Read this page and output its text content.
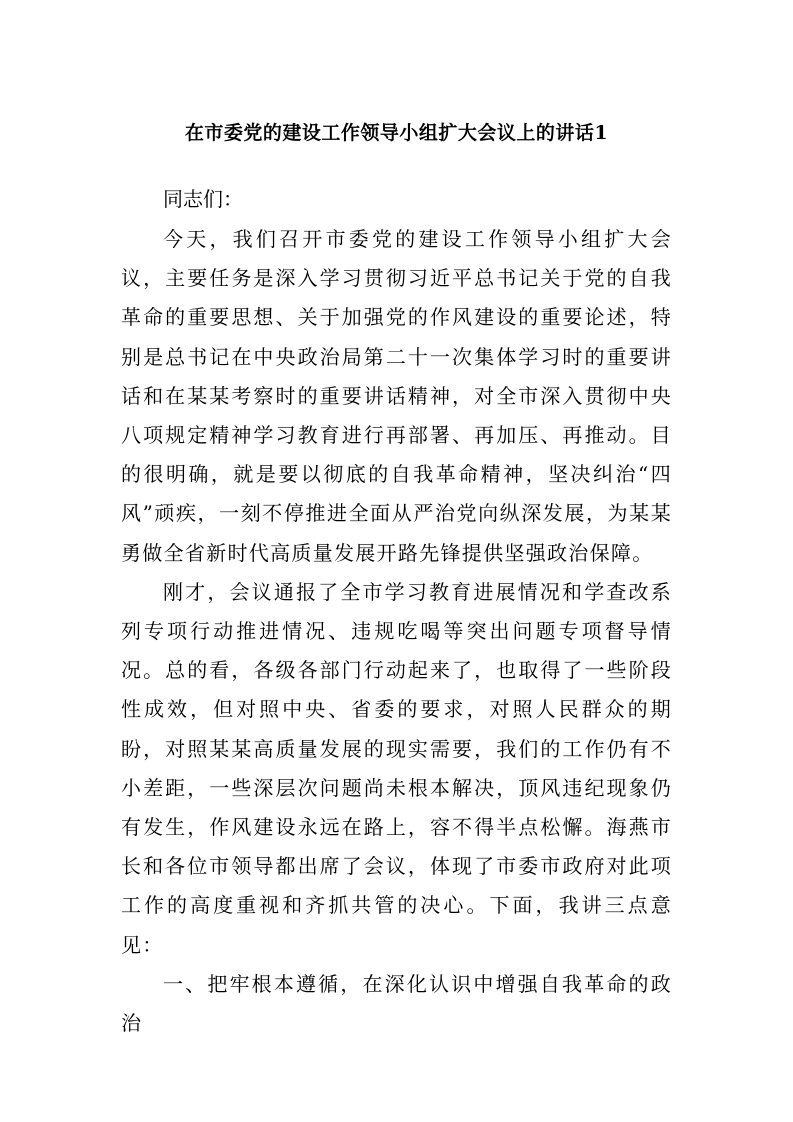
在市委党的建设工作领导小组扩大会议上的讲话1

同志们：

今天，我们召开市委党的建设工作领导小组扩大会议，主要任务是深入学习贯彻习近平总书记关于党的自我革命的重要思想、关于加强党的作风建设的重要论述，特别是总书记在中央政治局第二十一次集体学习时的重要讲话和在某某考察时的重要讲话精神，对全市深入贯彻中央八项规定精神学习教育进行再部署、再加压、再推动。目的很明确，就是要以彻底的自我革命精神，坚决纠治“四风”顽疾，一刻不停推进全面从严治党向纵深发展，为某某勇做全省新时代高质量发展开路先锋提供坚强政治保障。

刚才，会议通报了全市学习教育进展情况和学查改系列专项行动推进情况、违规吃喝等突出问题专项督导情况。总的看，各级各部门行动起来了，也取得了一些阶段性成效，但对照中央、省委的要求，对照人民群众的期盼，对照某某高质量发展的现实需要，我们的工作仍有不小差距，一些深层次问题尚未根本解决，顶风违纪现象仍有发生，作风建设永远在路上，容不得半点松懈。海燕市长和各位市领导都出席了会议，体现了市委市政府对此项工作的高度重视和齐抓共管的决心。下面，我讲三点意见：

一、把牢根本遵循，在深化认识中增强自我革命的政治
